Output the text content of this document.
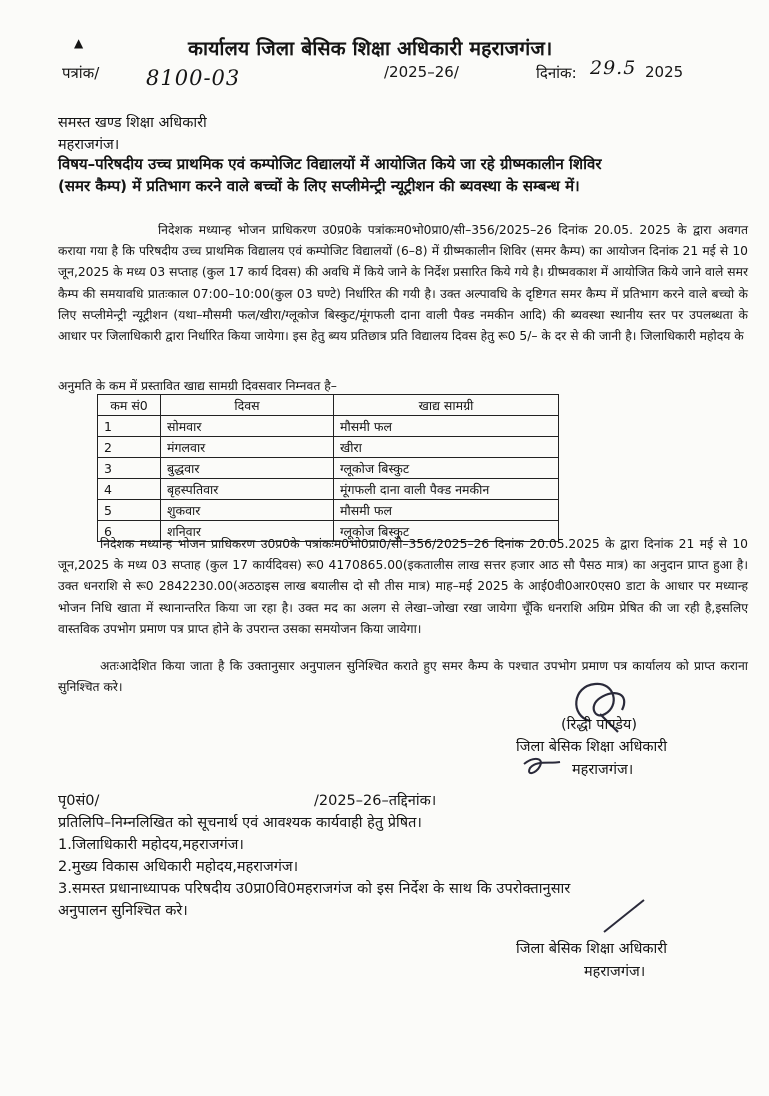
▲	कार्यालय जिला बेसिक शिक्षा अधिकारी महराजगंज।
पत्रांक/ 8100-03	/2025–26/	दिनांक: 29.5 2025
समस्त खण्ड शिक्षा अधिकारी
महराजगंज।
विषय–परिषदीय उच्च प्राथमिक एवं कम्पोजिट विद्यालयों में आयोजित किये जा रहे ग्रीष्मकालीन शिविर
(समर कैम्प) में प्रतिभाग करने वाले बच्चों के लिए सप्लीमेन्ट्री न्यूट्रीशन की ब्यवस्था के सम्बन्ध में।
निदेशक मध्यान्ह भोजन प्राधिकरण उ0प्र0के पत्रांकःम0भो0प्रा0/सी–356/2025–26 दिनांक 20.05. 2025 के द्वारा अवगत कराया गया है कि परिषदीय उच्च प्राथमिक विद्यालय एवं कम्पोजिट विद्यालयों (6–8) में ग्रीष्मकालीन शिविर (समर कैम्प) का आयोजन दिनांक 21 मई से 10 जून,2025 के मध्य 03 सप्ताह (कुल 17 कार्य दिवस) की अवधि में किये जाने के निर्देश प्रसारित किये गये है। ग्रीष्मवकाश में आयोजित किये जाने वाले समर कैम्प की समयावधि प्रातःकाल 07:00–10:00(कुल 03 घण्टे) निर्धारित की गयी है। उक्त अल्पावधि के दृष्टिगत समर कैम्प में प्रतिभाग करने वाले बच्चो के लिए सप्लीमेन्ट्री न्यूट्रीशन (यथा–मौसमी फल/खीरा/ग्लूकोज बिस्कुट/मूंगफली दाना वाली पैक्ड नमकीन आदि) की ब्यवस्था स्थानीय स्तर पर उपलब्धता के आधार पर जिलाधिकारी द्वारा निर्धारित किया जायेगा। इस हेतु ब्यय प्रतिछात्र प्रति विद्यालय दिवस हेतु रू0 5/– के दर से की जानी है। जिलाधिकारी महोदय के
अनुमति के कम में प्रस्तावित खाद्य सामग्री दिवसवार निम्नवत है–
कम सं0	दिवस	खाद्य सामग्री
1	सोमवार	मौसमी फल
2	मंगलवार	खीरा
3	बुद्धवार	ग्लूकोज बिस्कुट
4	बृहस्पतिवार	मूंगफली दाना वाली पैक्ड नमकीन
5	शुकवार	मौसमी फल
6	शनिवार	ग्लूकोज बिस्कुट
निदेशक मध्यान्ह भोजन प्राधिकरण उ0प्र0के पत्रांकःम0भो0प्रा0/सी–356/2025–26 दिनांक 20.05.2025 के द्वारा दिनांक 21 मई से 10 जून,2025 के मध्य 03 सप्ताह (कुल 17 कार्यदिवस) रू0 4170865.00(इकतालीस लाख सत्तर हजार आठ सौ पैसठ मात्र) का अनुदान प्राप्त हुआ है। उक्त धनराशि से रू0 2842230.00(अठठाइस लाख बयालीस दो सौ तीस मात्र) माह–मई 2025 के आई0वी0आर0एस0 डाटा के आधार पर मध्यान्ह भोजन निधि खाता में स्थानान्तरित किया जा रहा है। उक्त मद का अलग से लेखा–जोखा रखा जायेगा चूँकि धनराशि अग्रिम प्रेषित की जा रही है,इसलिए वास्तविक उपभोग प्रमाण पत्र प्राप्त होने के उपरान्त उसका समयोजन किया जायेगा।
अतःआदेशित किया जाता है कि उक्तानुसार अनुपालन सुनिश्चित कराते हुए समर कैम्प के पश्चात उपभोग प्रमाण पत्र कार्यालय को प्राप्त कराना सुनिश्चित करे।
(रिद्धी पाण्डेय)
जिला बेसिक शिक्षा अधिकारी
महराजगंज।
पृ0सं0/	/2025–26–तद्दिनांक।
प्रतिलिपि–निम्नलिखित को सूचनार्थ एवं आवश्यक कार्यवाही हेतु प्रेषित।
1.जिलाधिकारी महोदय,महराजगंज।
2.मुख्य विकास अधिकारी महोदय,महराजगंज।
3.समस्त प्रधानाध्यापक परिषदीय उ0प्रा0वि0महराजगंज को इस निर्देश के साथ कि उपरोक्तानुसार
अनुपालन सुनिश्चित करे।
जिला बेसिक शिक्षा अधिकारी
महराजगंज।
